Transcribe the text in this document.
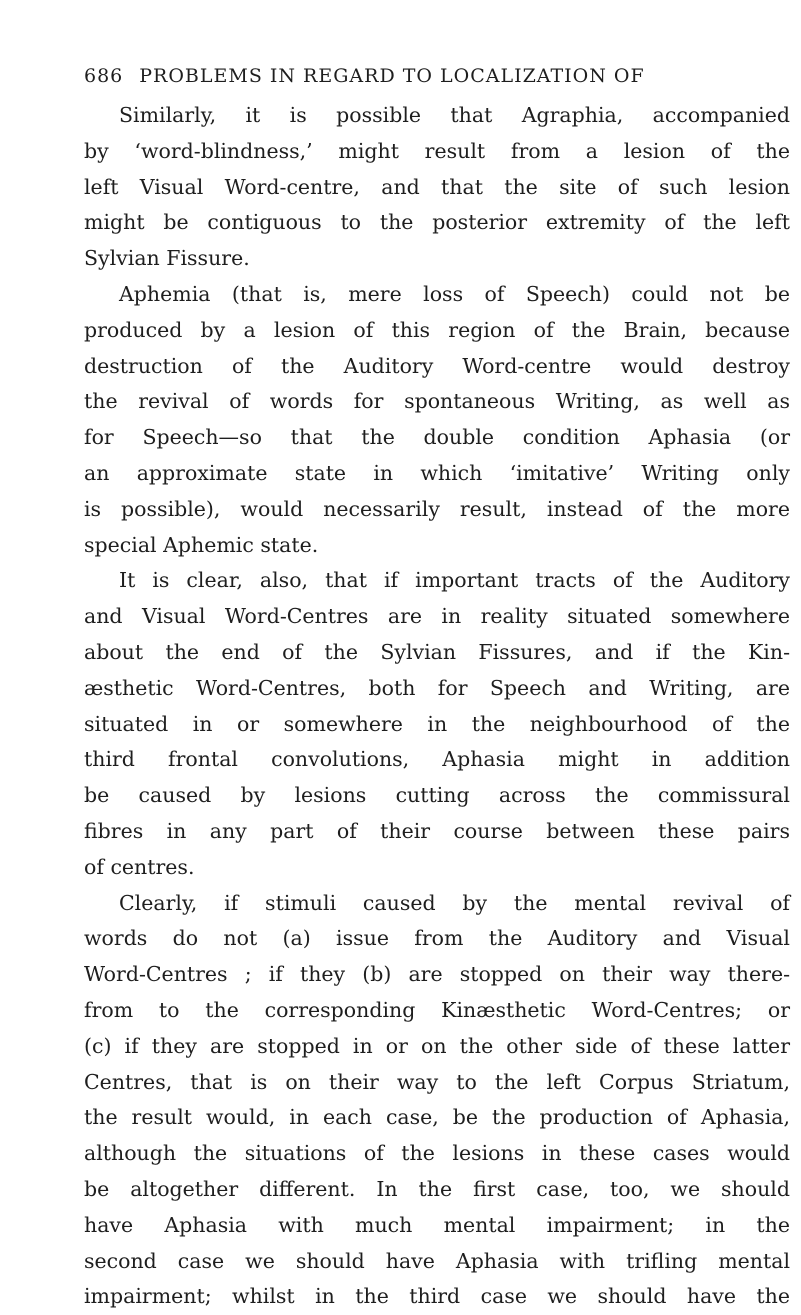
686 PROBLEMS IN REGARD TO LOCALIZATION OF
Similarly, it is possible that Agraphia, accompanied
by ‘word-blindness,’ might result from a lesion of the
left Visual Word-centre, and that the site of such lesion
might be contiguous to the posterior extremity of the left
Sylvian Fissure.
Aphemia (that is, mere loss of Speech) could not be
produced by a lesion of this region of the Brain, because
destruction of the Auditory Word-centre would destroy
the revival of words for spontaneous Writing, as well as
for Speech—so that the double condition Aphasia (or
an approximate state in which ‘imitative’ Writing only
is possible), would necessarily result, instead of the more
special Aphemic state.
It is clear, also, that if important tracts of the Auditory
and Visual Word-Centres are in reality situated somewhere
about the end of the Sylvian Fissures, and if the Kin-
æsthetic Word-Centres, both for Speech and Writing, are
situated in or somewhere in the neighbourhood of the
third frontal convolutions, Aphasia might in addition
be caused by lesions cutting across the commissural
fibres in any part of their course between these pairs
of centres.
Clearly, if stimuli caused by the mental revival of
words do not (a) issue from the Auditory and Visual
Word-Centres ; if they (b) are stopped on their way there-
from to the corresponding Kinæsthetic Word-Centres; or
(c) if they are stopped in or on the other side of these latter
Centres, that is on their way to the left Corpus Striatum,
the result would, in each case, be the production of Aphasia,
although the situations of the lesions in these cases would
be altogether different. In the first case, too, we should
have Aphasia with much mental impairment; in the
second case we should have Aphasia with trifling mental
impairment; whilst in the third case we should have the
